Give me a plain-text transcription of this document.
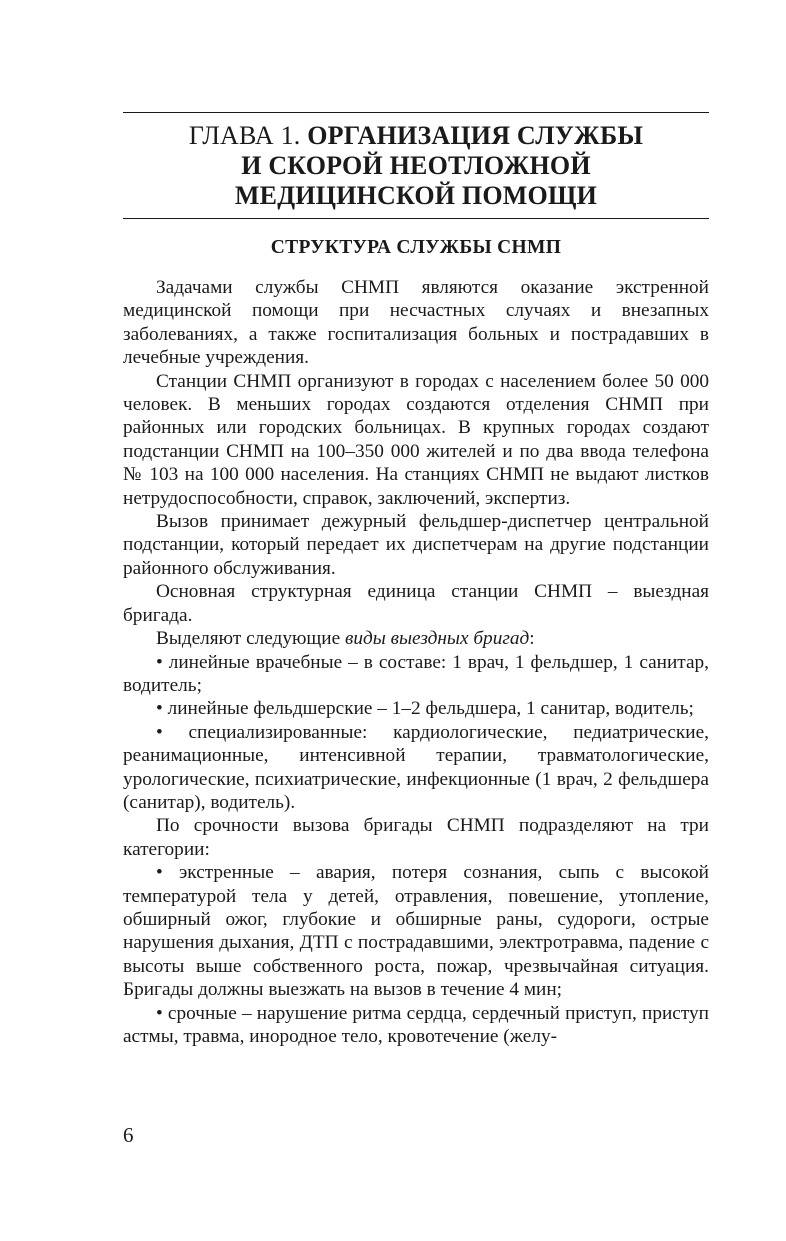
ГЛАВА 1. ОРГАНИЗАЦИЯ СЛУЖБЫ
И СКОРОЙ НЕОТЛОЖНОЙ
МЕДИЦИНСКОЙ ПОМОЩИ
СТРУКТУРА СЛУЖБЫ СНМП

Задачами службы СНМП являются оказание экстренной медицинской помощи при несчастных случаях и внезапных заболеваниях, а также госпитализация больных и пострадавших в лечебные учреждения.

Станции СНМП организуют в городах с населением более 50 000 человек. В меньших городах создаются отделения СНМП при районных или городских больницах. В крупных городах создают подстанции СНМП на 100–350 000 жителей и по два ввода телефона № 103 на 100 000 населения. На станциях СНМП не выдают листков нетрудоспособности, справок, заключений, экспертиз.

Вызов принимает дежурный фельдшер-диспетчер центральной подстанции, который передает их диспетчерам на другие подстанции районного обслуживания.

Основная структурная единица станции СНМП – выездная бригада.

Выделяют следующие виды выездных бригад:

• линейные врачебные – в составе: 1 врач, 1 фельдшер, 1 санитар, водитель;

• линейные фельдшерские – 1–2 фельдшера, 1 санитар, водитель;

• специализированные: кардиологические, педиатрические, реанимационные, интенсивной терапии, травматологические, урологические, психиатрические, инфекционные (1 врач, 2 фельдшера (санитар), водитель).

По срочности вызова бригады СНМП подразделяют на три категории:

• экстренные – авария, потеря сознания, сыпь с высокой температурой тела у детей, отравления, повешение, утопление, обширный ожог, глубокие и обширные раны, судороги, острые нарушения дыхания, ДТП с пострадавшими, электротравма, падение с высоты выше собственного роста, пожар, чрезвычайная ситуация. Бригады должны выезжать на вызов в течение 4 мин;

• срочные – нарушение ритма сердца, сердечный приступ, приступ астмы, травма, инородное тело, кровотечение (желу-

6
